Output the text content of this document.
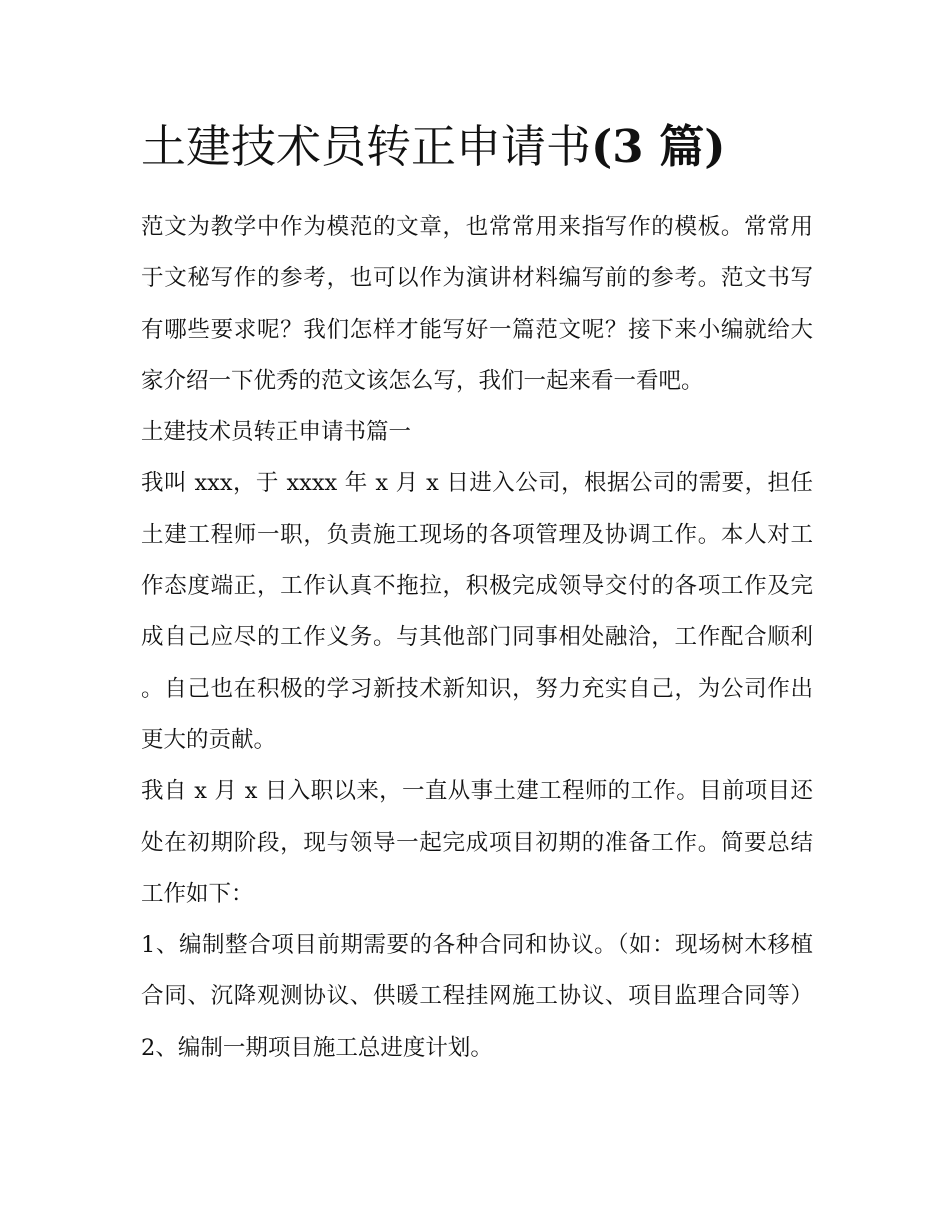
土建技术员转正申请书(3 篇)

范文为教学中作为模范的文章，也常常用来指写作的模板。常常用于文秘写作的参考，也可以作为演讲材料编写前的参考。范文书写有哪些要求呢？我们怎样才能写好一篇范文呢？接下来小编就给大家介绍一下优秀的范文该怎么写，我们一起来看一看吧。

土建技术员转正申请书篇一

我叫 xxx，于 xxxx 年 x 月 x 日进入公司，根据公司的需要，担任土建工程师一职，负责施工现场的各项管理及协调工作。本人对工作态度端正，工作认真不拖拉，积极完成领导交付的各项工作及完成自己应尽的工作义务。与其他部门同事相处融洽，工作配合顺利。自己也在积极的学习新技术新知识，努力充实自己，为公司作出更大的贡献。

我自 x 月 x 日入职以来，一直从事土建工程师的工作。目前项目还处在初期阶段，现与领导一起完成项目初期的准备工作。简要总结工作如下：

1、编制整合项目前期需要的各种合同和协议。（如：现场树木移植合同、沉降观测协议、供暖工程挂网施工协议、项目监理合同等） 2、编制一期项目施工总进度计划。
